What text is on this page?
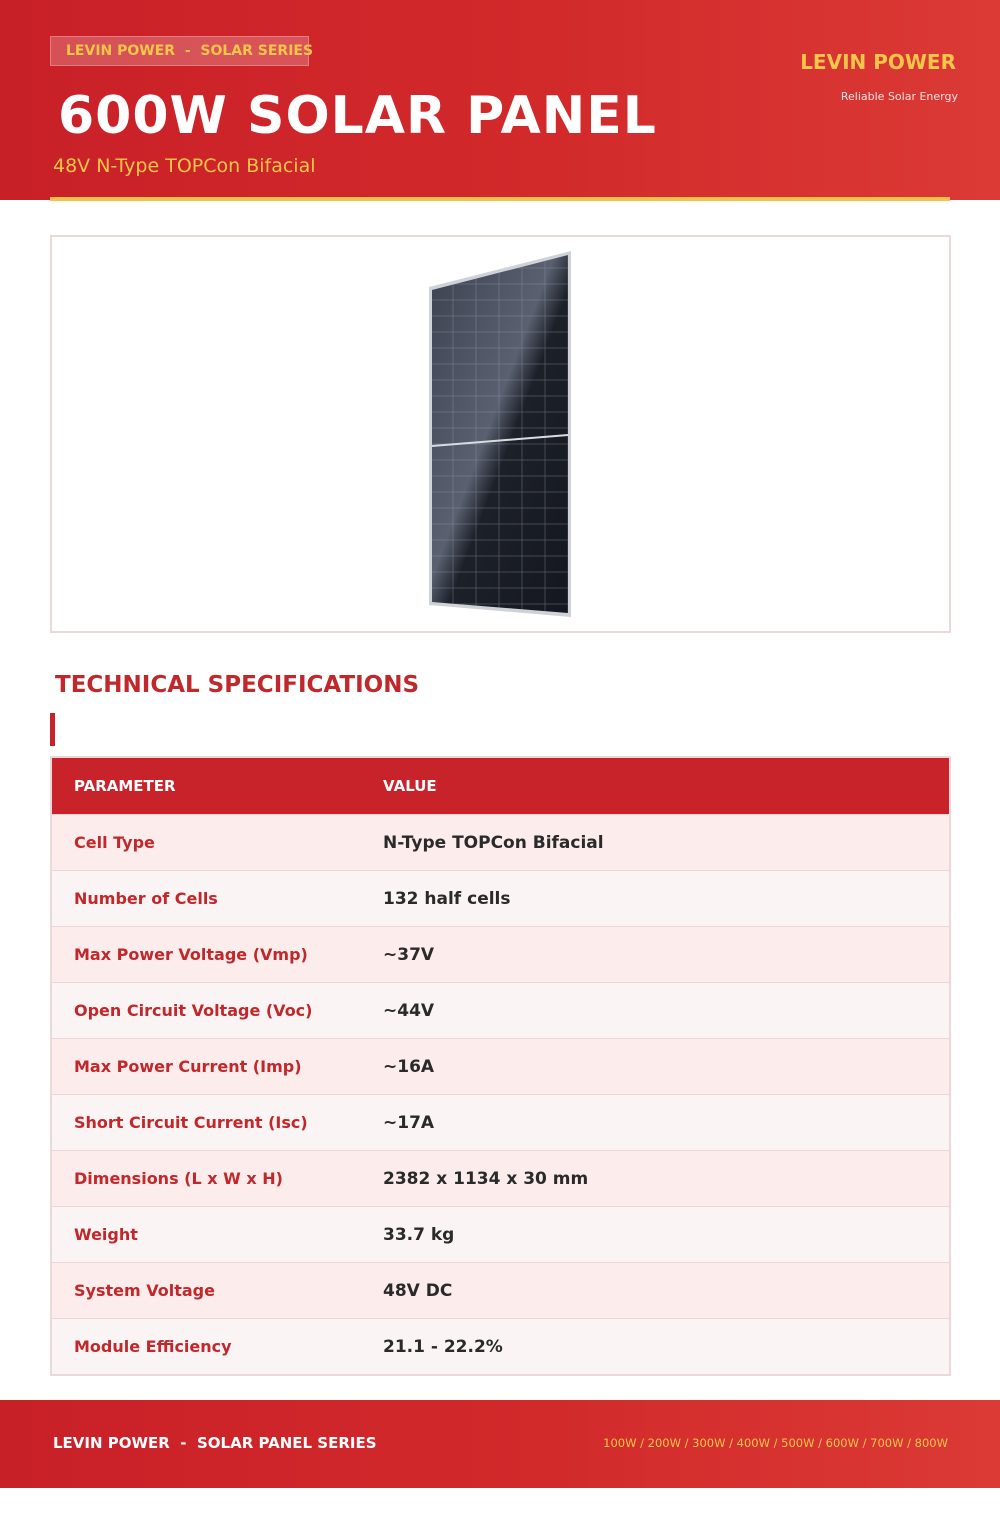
LEVIN POWER  -  SOLAR SERIES
600W SOLAR PANEL
48V N-Type TOPCon Bifacial
LEVIN POWER
Reliable Solar Energy
TECHNICAL SPECIFICATIONS
PARAMETER	VALUE
Cell Type	N-Type TOPCon Bifacial
Number of Cells	132 half cells
Max Power Voltage (Vmp)	~37V
Open Circuit Voltage (Voc)	~44V
Max Power Current (Imp)	~16A
Short Circuit Current (Isc)	~17A
Dimensions (L x W x H)	2382 x 1134 x 30 mm
Weight	33.7 kg
System Voltage	48V DC
Module Efficiency	21.1 - 22.2%
LEVIN POWER  -  SOLAR PANEL SERIES	100W / 200W / 300W / 400W / 500W / 600W / 700W / 800W
